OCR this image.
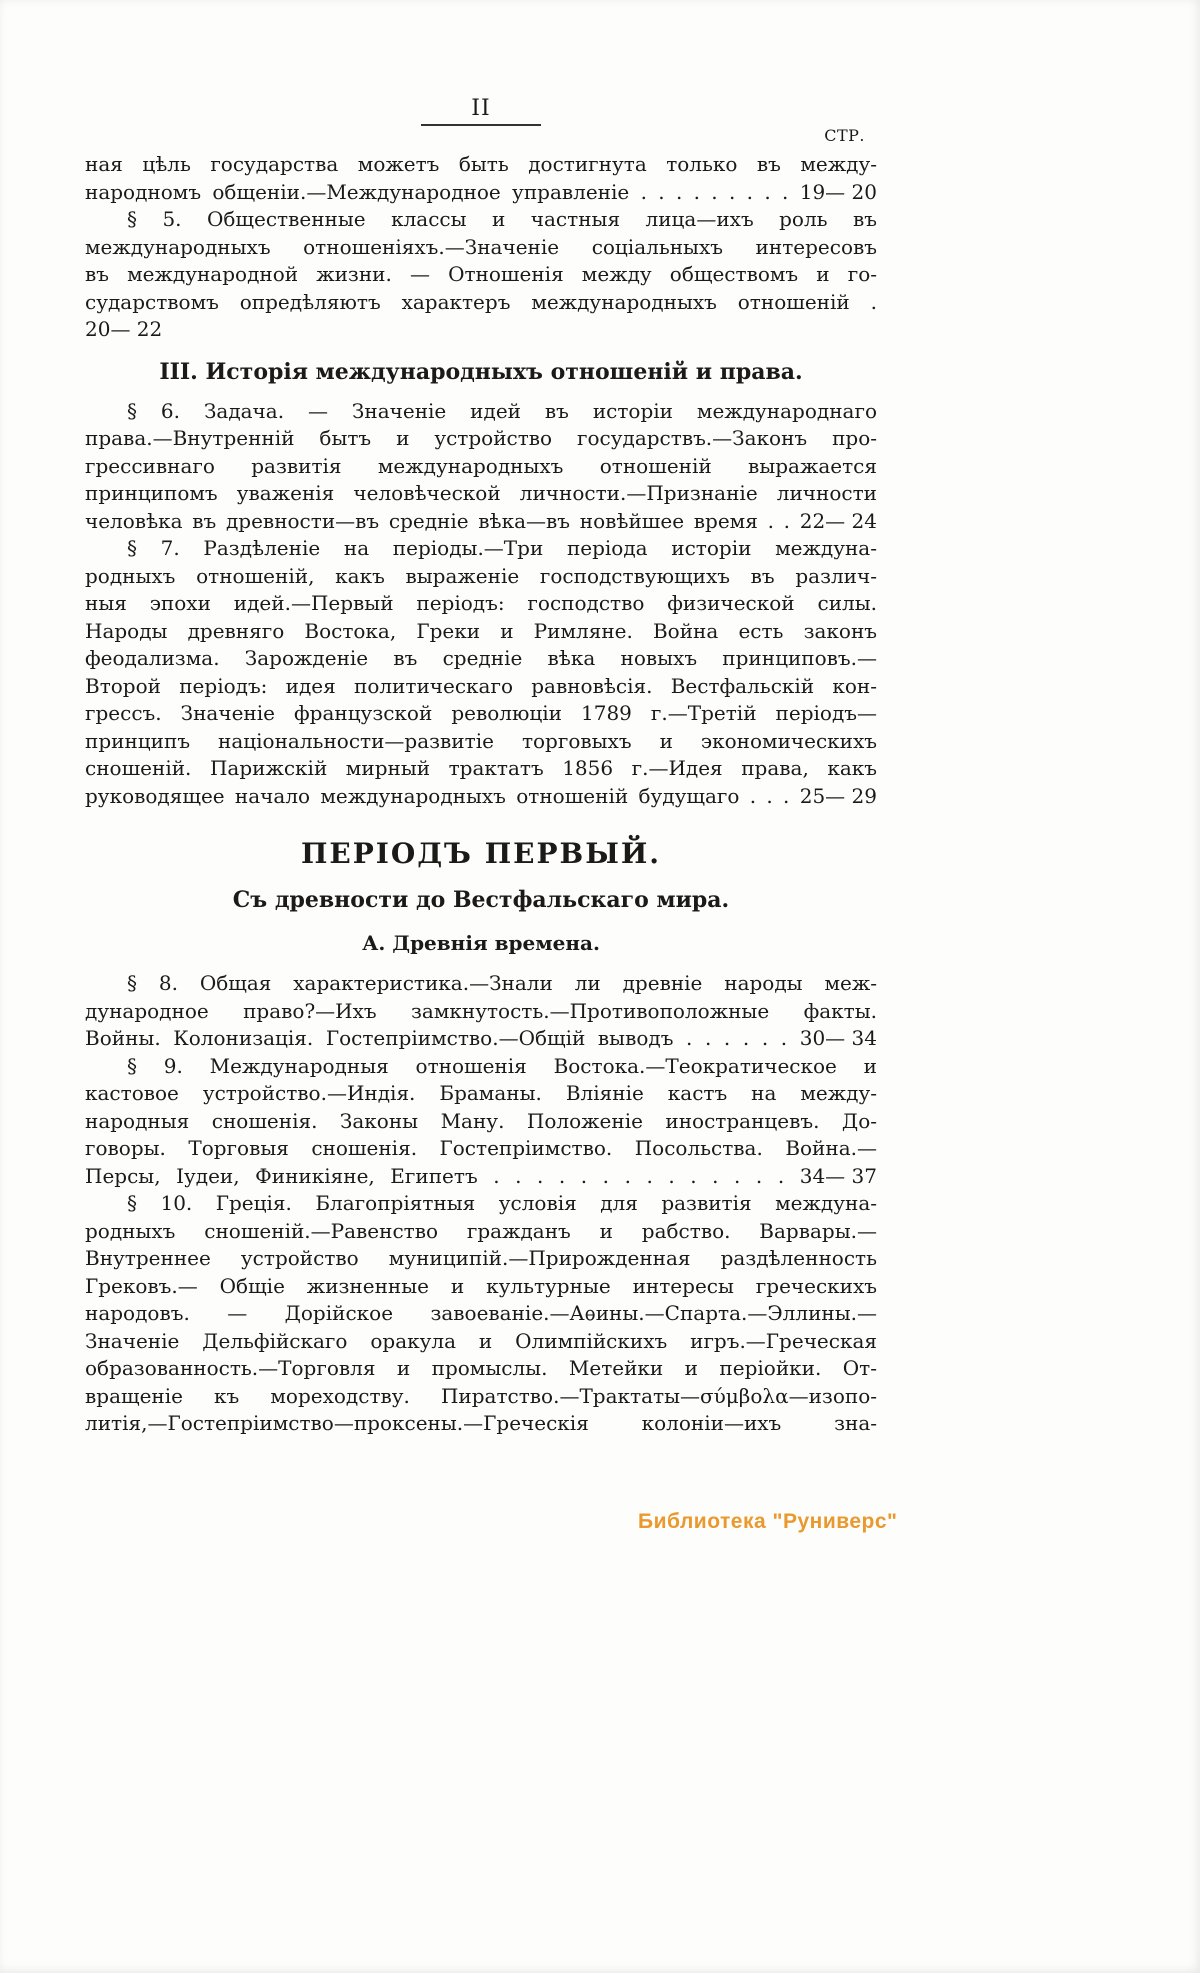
II
СТР.
ная цѣль государства можетъ быть достигнута только въ между-
народномъ общеніи.—Международное управленіе . . . . . . . . . 19— 20
§ 5. Общественные классы и частныя лица—ихъ роль въ
международныхъ отношеніяхъ.—Значеніе соціальныхъ интересовъ
въ международной жизни. — Отношенія между обществомъ и го-
сударствомъ опредѣляютъ характеръ международныхъ отношеній . 20— 22
III. Исторія международныхъ отношеній и права.
§ 6. Задача. — Значеніе идей въ исторіи международнаго
права.—Внутренній бытъ и устройство государствъ.—Законъ про-
грессивнаго развитія международныхъ отношеній выражается
принципомъ уваженія человѣческой личности.—Признаніе личности
человѣка въ древности—въ средніе вѣка—въ новѣйшее время . . 22— 24
§ 7. Раздѣленіе на періоды.—Три періода исторіи междуна-
родныхъ отношеній, какъ выраженіе господствующихъ въ различ-
ныя эпохи идей.—Первый періодъ: господство физической силы.
Народы древняго Востока, Греки и Римляне. Война есть законъ
феодализма. Зарожденіе въ средніе вѣка новыхъ принциповъ.—
Второй періодъ: идея политическаго равновѣсія. Вестфальскій кон-
грессъ. Значеніе французской революціи 1789 г.—Третій періодъ—
принципъ національности—развитіе торговыхъ и экономическихъ
сношеній. Парижскій мирный трактатъ 1856 г.—Идея права, какъ
руководящее начало международныхъ отношеній будущаго . . . 25— 29
ПЕРІОДЪ ПЕРВЫЙ.
Съ древности до Вестфальскаго мира.
А. Древнія времена.
§ 8. Общая характеристика.—Знали ли древніе народы меж-
дународное право?—Ихъ замкнутость.—Противоположные факты.
Войны. Колонизація. Гостепріимство.—Общій выводъ . . . . . . 30— 34
§ 9. Международныя отношенія Востока.—Теократическое и
кастовое устройство.—Индія. Браманы. Вліяніе кастъ на между-
народныя сношенія. Законы Ману. Положеніе иностранцевъ. До-
говоры. Торговыя сношенія. Гостепріимство. Посольства. Война.—
Персы, Іудеи, Финикіяне, Египетъ . . . . . . . . . . . . . . 34— 37
§ 10. Греція. Благопріятныя условія для развитія междуна-
родныхъ сношеній.—Равенство гражданъ и рабство. Варвары.—
Внутреннее устройство муниципій.—Прирожденная раздѣленность
Грековъ.— Общіе жизненные и культурные интересы греческихъ
народовъ. — Дорійское завоеваніе.—Аѳины.—Спарта.—Эллины.—
Значеніе Дельфійскаго оракула и Олимпійскихъ игръ.—Греческая
образованность.—Торговля и промыслы. Метейки и періойки. От-
вращеніе къ мореходству. Пиратство.—Трактаты—σύμβολα—изопо-
литія,—Гостепріимство—проксены.—Греческія колоніи—ихъ зна-
Библиотека "Руниверс"
